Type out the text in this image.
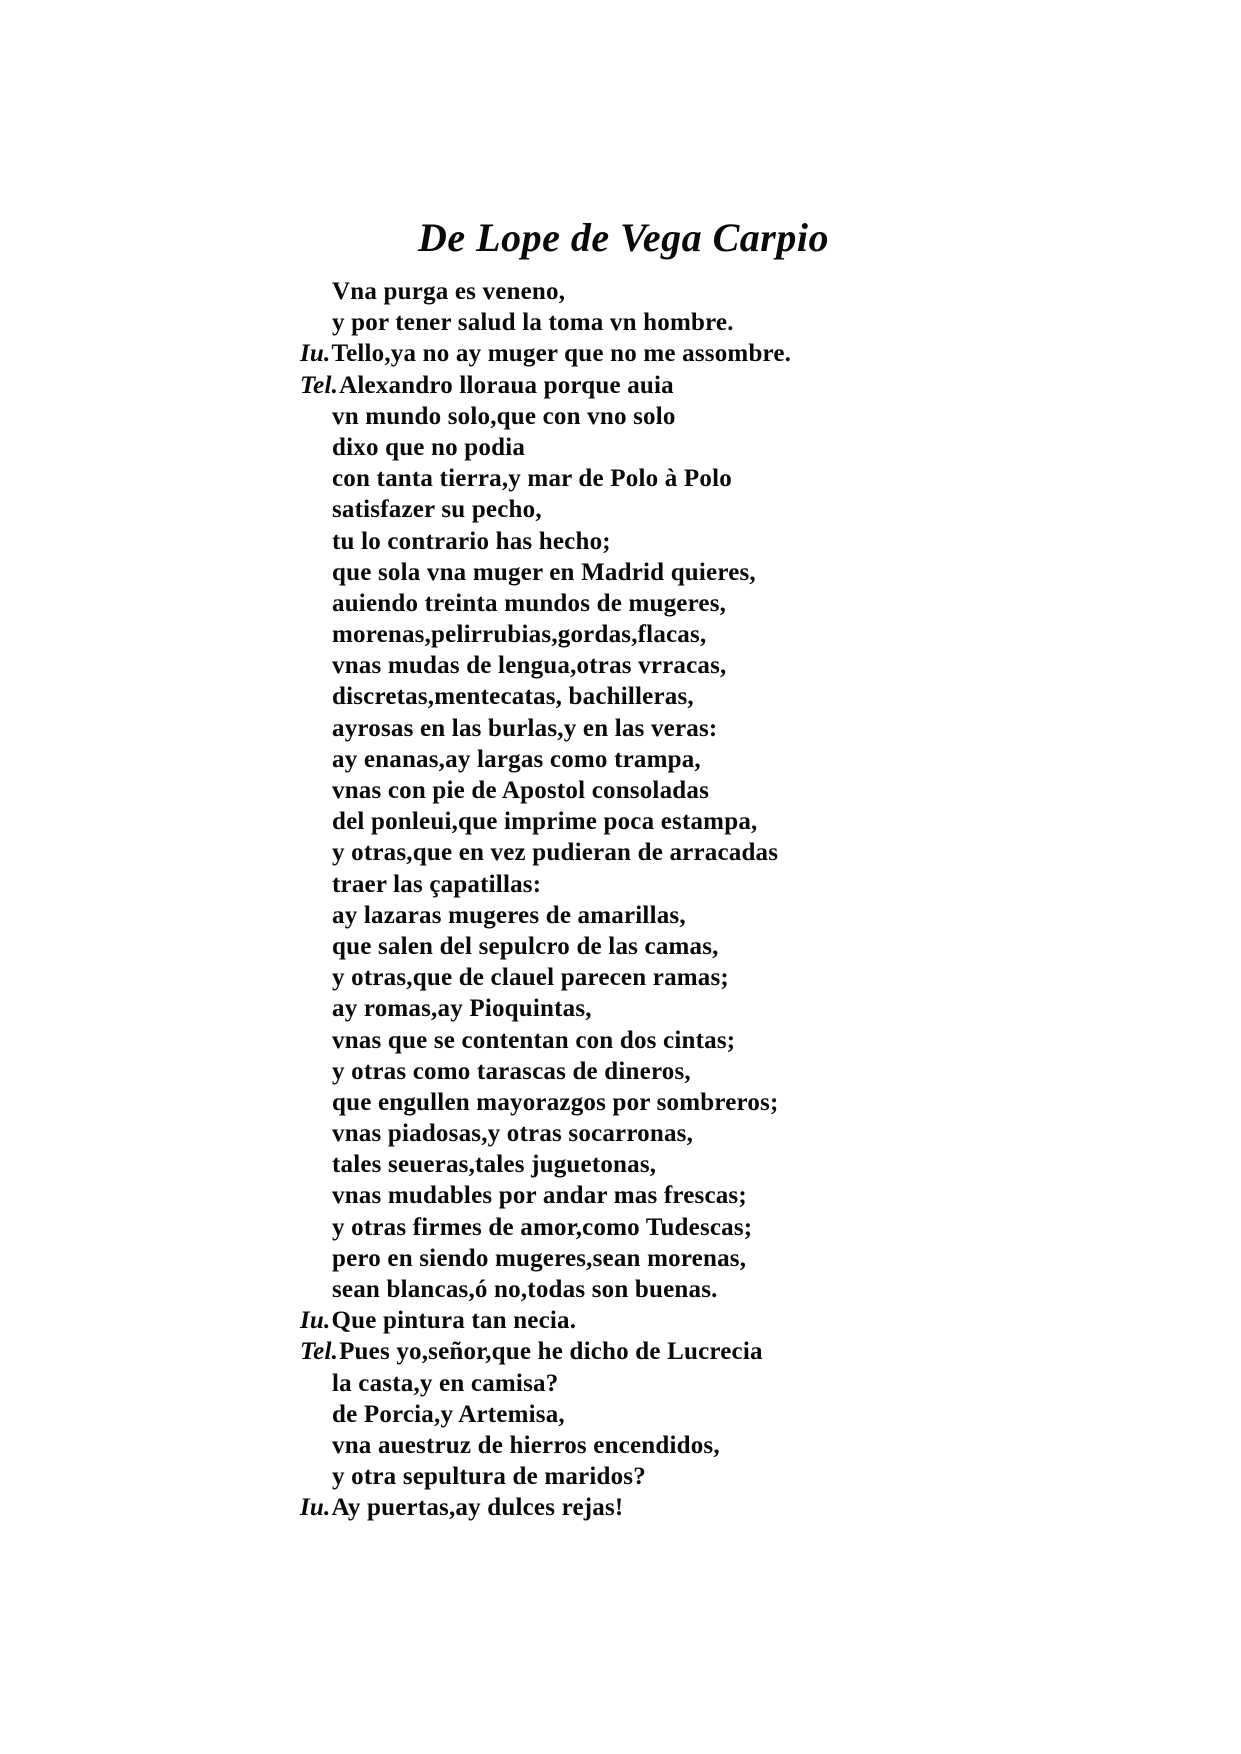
De Lope de Vega Carpio
Vna purga es veneno,
y por tener salud la toma vn hombre.
Iu.Tello,ya no ay muger que no me assombre.
Tel.Alexandro lloraua porque auia
vn mundo solo,que con vno solo
dixo que no podia
con tanta tierra,y mar de Polo à Polo
satisfazer su pecho,
tu lo contrario has hecho;
que sola vna muger en Madrid quieres,
auiendo treinta mundos de mugeres,
morenas,pelirrubias,gordas,flacas,
vnas mudas de lengua,otras vrracas,
discretas,mentecatas, bachilleras,
ayrosas en las burlas,y en las veras:
ay enanas,ay largas como trampa,
vnas con pie de Apostol consoladas
del ponleui,que imprime poca estampa,
y otras,que en vez pudieran de arracadas
traer las çapatillas:
ay lazaras mugeres de amarillas,
que salen del sepulcro de las camas,
y otras,que de clauel parecen ramas;
ay romas,ay Pioquintas,
vnas que se contentan con dos cintas;
y otras como tarascas de dineros,
que engullen mayorazgos por sombreros;
vnas piadosas,y otras socarronas,
tales seueras,tales juguetonas,
vnas mudables por andar mas frescas;
y otras firmes de amor,como Tudescas;
pero en siendo mugeres,sean morenas,
sean blancas,ó no,todas son buenas.
Iu.Que pintura tan necia.
Tel.Pues yo,señor,que he dicho de Lucrecia
la casta,y en camisa?
de Porcia,y Artemisa,
vna auestruz de hierros encendidos,
y otra sepultura de maridos?
Iu.Ay puertas,ay dulces rejas!
